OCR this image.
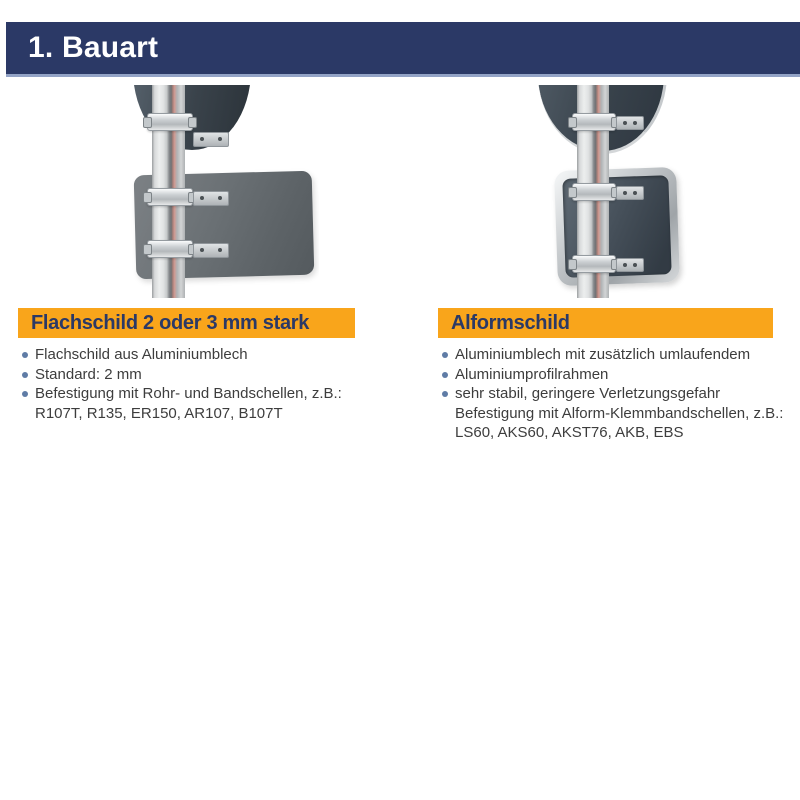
1. Bauart
Flachschild 2 oder 3 mm stark
Flachschild aus Aluminiumblech
Standard: 2 mm
Befestigung mit Rohr- und Bandschellen, z.B.:
R107T, R135, ER150, AR107, B107T
Alformschild
Aluminiumblech mit zusätzlich umlaufendem
Aluminiumprofilrahmen
sehr stabil, geringere Verletzungsgefahr
Befestigung mit Alform-Klemmbandschellen, z.B.:
LS60, AKS60, AKST76, AKB, EBS
